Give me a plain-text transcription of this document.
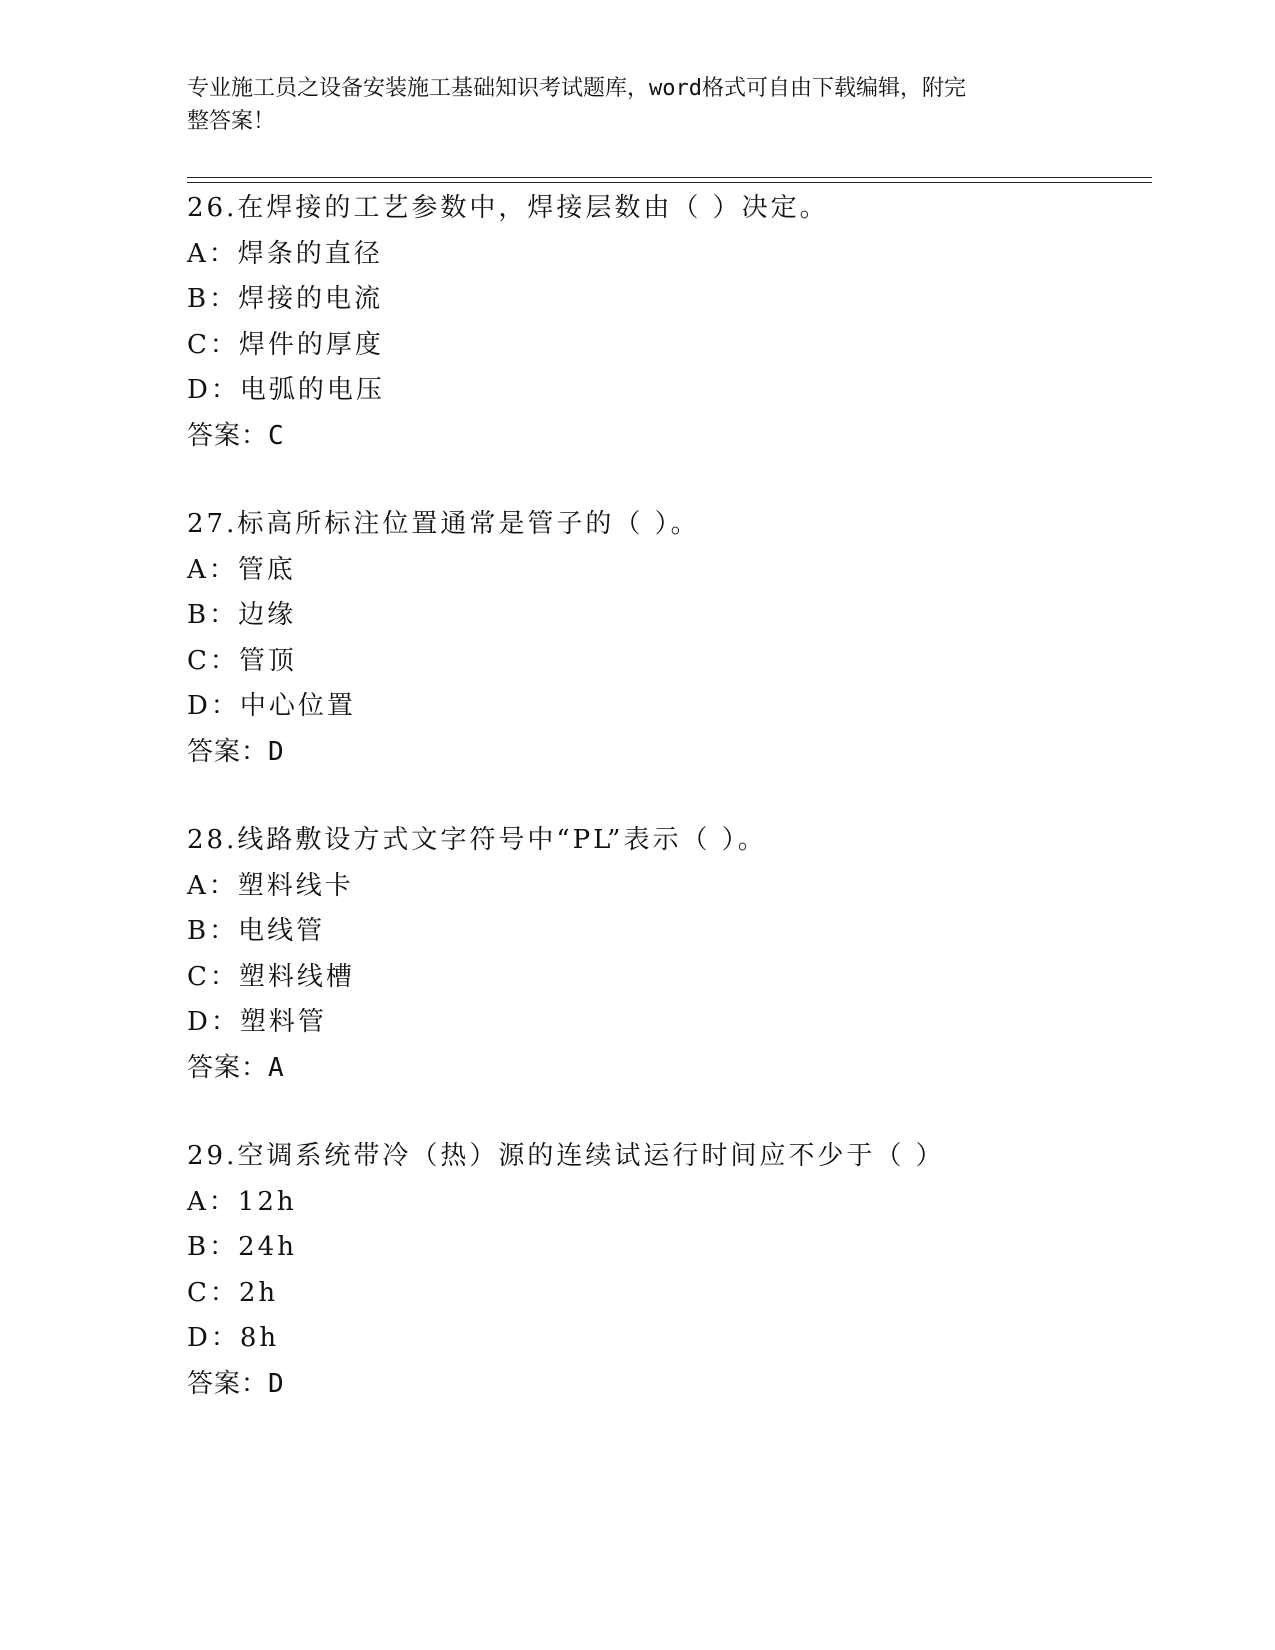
专业施工员之设备安装施工基础知识考试题库，word格式可自由下载编辑，附完
整答案！
26.在焊接的工艺参数中，焊接层数由（ ）决定。
A：焊条的直径
B：焊接的电流
C：焊件的厚度
D：电弧的电压
答案：C
27.标高所标注位置通常是管子的（ ）。
A：管底
B：边缘
C：管顶
D：中心位置
答案：D
28.线路敷设方式文字符号中“PL”表示（ ）。
A：塑料线卡
B：电线管
C：塑料线槽
D：塑料管
答案：A
29.空调系统带冷（热）源的连续试运行时间应不少于（ ）
A：12h
B：24h
C：2h
D：8h
答案：D
